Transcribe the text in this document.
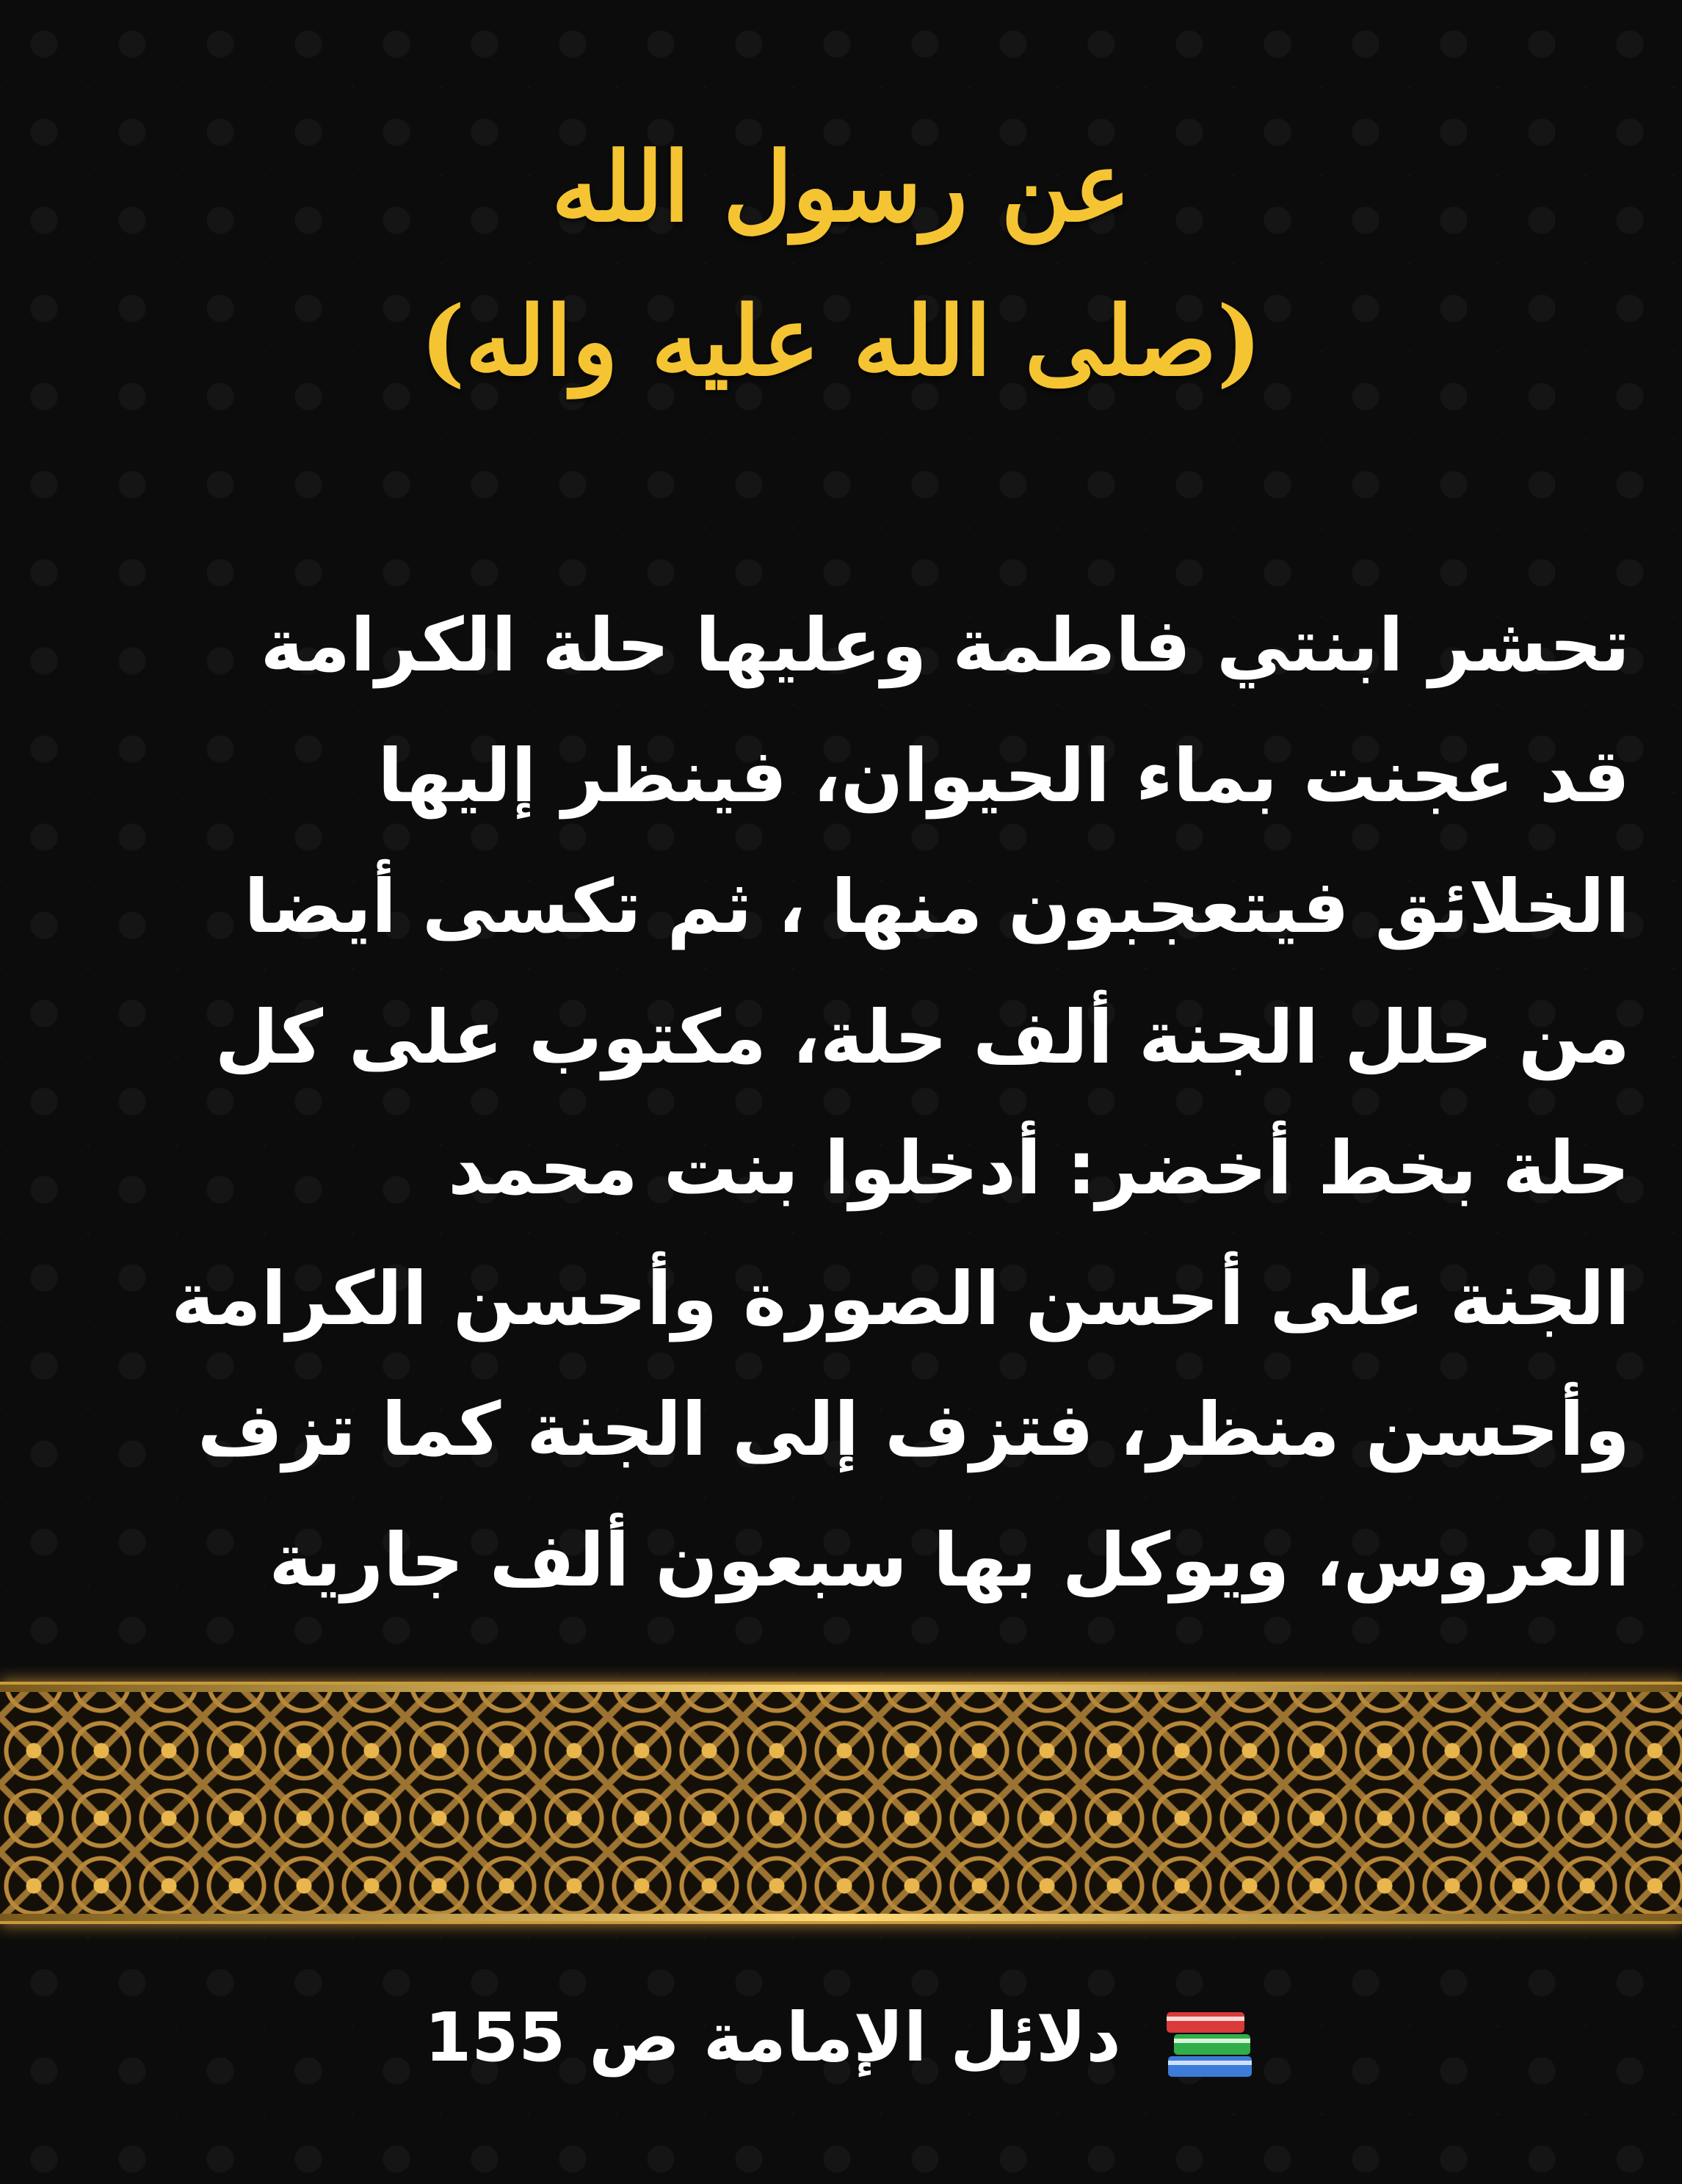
عن رسول الله
(صلى الله عليه واله)
تحشر ابنتي فاطمة وعليها حلة الكرامة
قد عجنت بماء الحيوان، فينظر إليها
الخلائق فيتعجبون منها ، ثم تكسى أيضا
من حلل الجنة ألف حلة، مكتوب على كل
حلة بخط أخضر: أدخلوا بنت محمد
الجنة على أحسن الصورة وأحسن الكرامة
وأحسن منظر، فتزف إلى الجنة كما تزف
العروس، ويوكل بها سبعون ألف جارية
دلائل الإمامة ص 155
